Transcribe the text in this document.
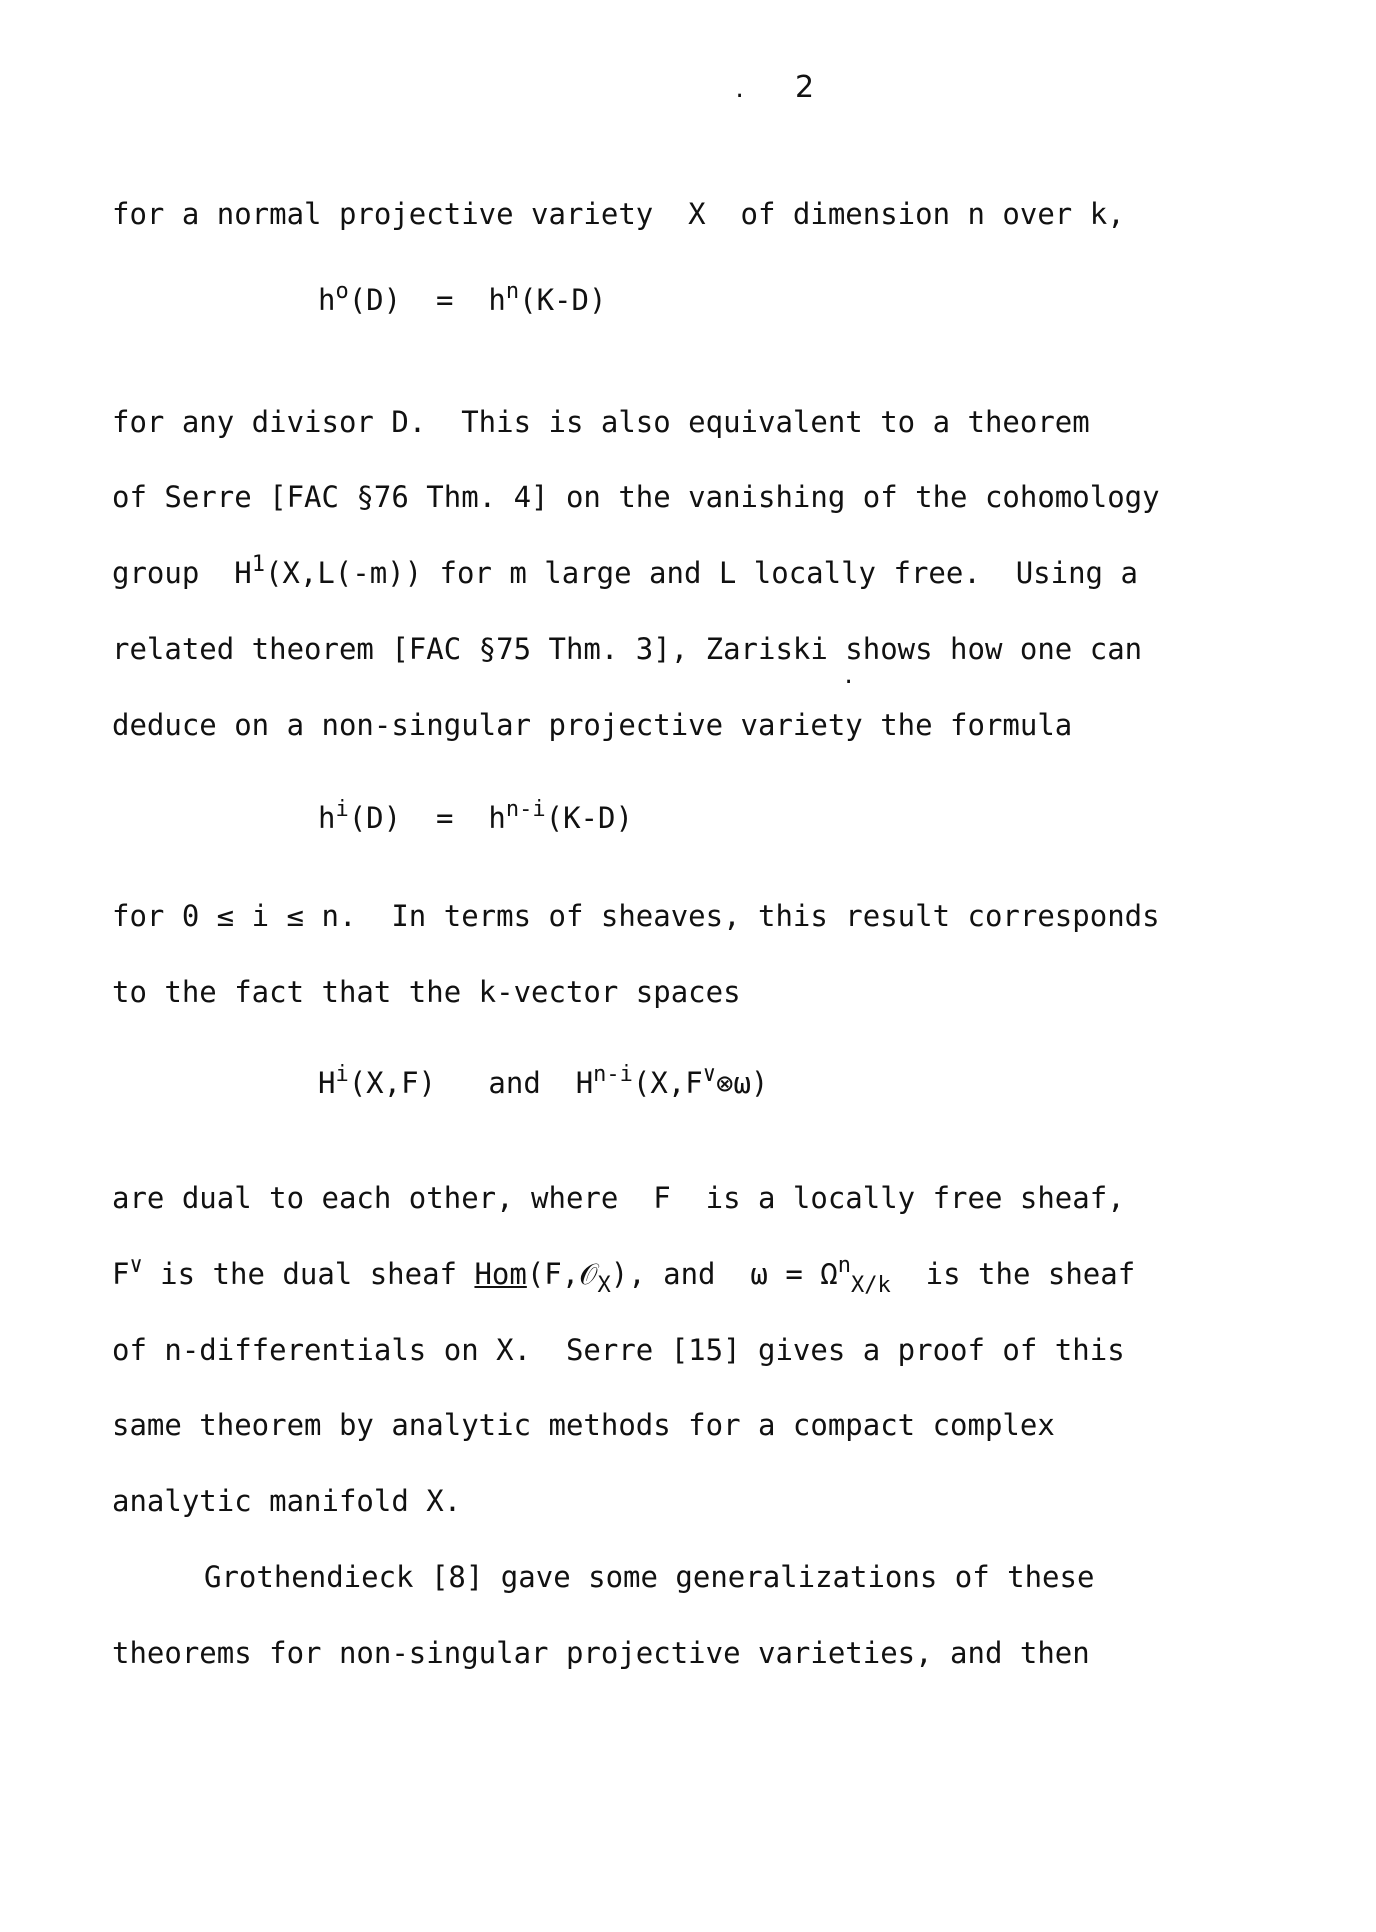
. 2
for a normal projective variety  X  of dimension n over k,
$h^o(D) = h^n(K-D)$
for any divisor D.  This is also equivalent to a theorem
of Serre [FAC §76 Thm. 4] on the vanishing of the cohomology
group  $H^1(X,L(-m))$ for m large and L locally free.  Using a
related theorem [FAC §75 Thm. 3], Zariski shows how one can
.
deduce on a non-singular projective variety the formula
$h^i(D) = h^{n-i}(K-D)$
for 0 ≤ i ≤ n.  In terms of sheaves, this result corresponds
to the fact that the k-vector spaces
$H^i(X,F)$   and  $H^{n-i}(X,F^\vee\otimes\omega)$
are dual to each other, where  F  is a locally free sheaf,
F∨ is the dual sheaf Hom(F,𝒪$_X$), and  $\omega = \Omega^n_{X/k}$  is the sheaf
of n-differentials on X.  Serre [15] gives a proof of this
same theorem by analytic methods for a compact complex
analytic manifold X.
Grothendieck [8] gave some generalizations of these
theorems for non-singular projective varieties, and then
